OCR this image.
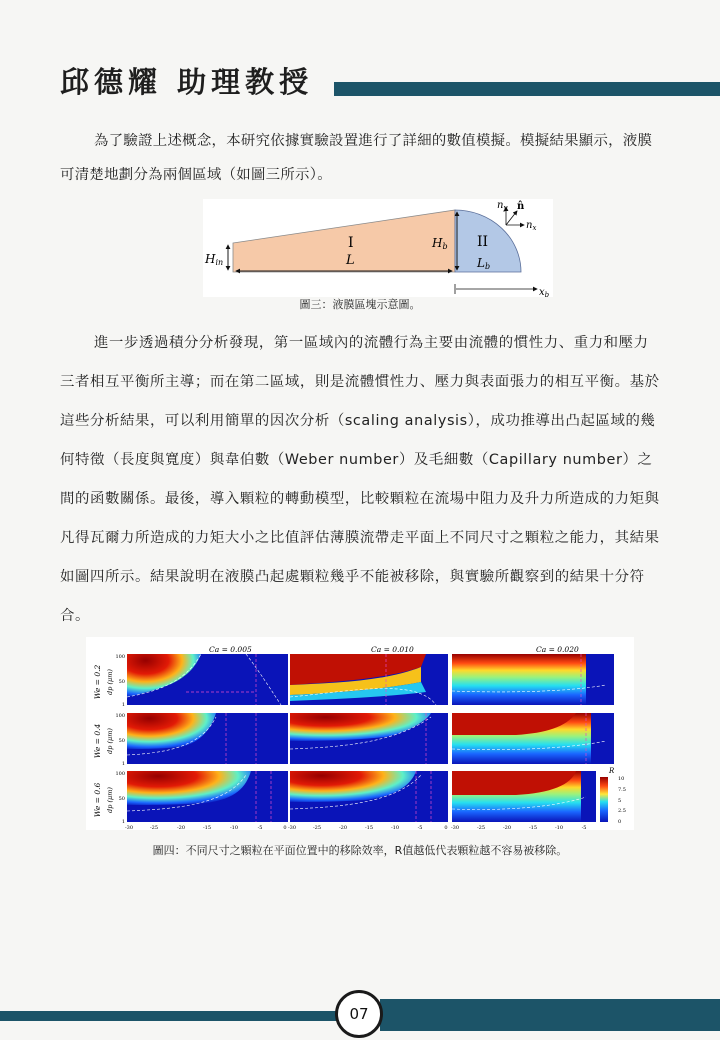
邱德耀 助理教授

為了驗證上述概念，本研究依據實驗設置進行了詳細的數值模擬。模擬結果顯示，液膜可清楚地劃分為兩個區域（如圖三所示）。

Hin	L
I	Hb II
Lb
$n_y$ n̂
$n_x$
$x_b$
圖三：液膜區塊示意圖。

進一步透過積分分析發現，第一區域內的流體行為主要由流體的慣性力、重力和壓力三者相互平衡所主導；而在第二區域，則是流體慣性力、壓力與表面張力的相互平衡。基於這些分析結果，可以利用簡單的因次分析（scaling analysis），成功推導出凸起區域的幾何特徵（長度與寬度）與韋伯數（Weber number）及毛細數（Capillary number）之間的函數關係。最後，導入顆粒的轉動模型，比較顆粒在流場中阻力及升力所造成的力矩與凡得瓦爾力所造成的力矩大小之比值評估薄膜流帶走平面上不同尺寸之顆粒之能力，其結果如圖四所示。結果說明在液膜凸起處顆粒幾乎不能被移除，與實驗所觀察到的結果十分符合。

Ca = 0.005	Ca = 0.010	Ca = 0.020
We = 0.2
We = 0.4
We = 0.6
dp (μm)
dp (μm)
dp (μm)
R
10
7.5
5
2.5
0
100
50
1
100
50
1
100
50
1
-30	-25	-20	-15	-10	-5	0 -30	-25	-20	-15	-10	-5	0 -30	-25	-20	-15	-10	-5
圖四：不同尺寸之顆粒在平面位置中的移除效率，R值越低代表顆粒越不容易被移除。
07
